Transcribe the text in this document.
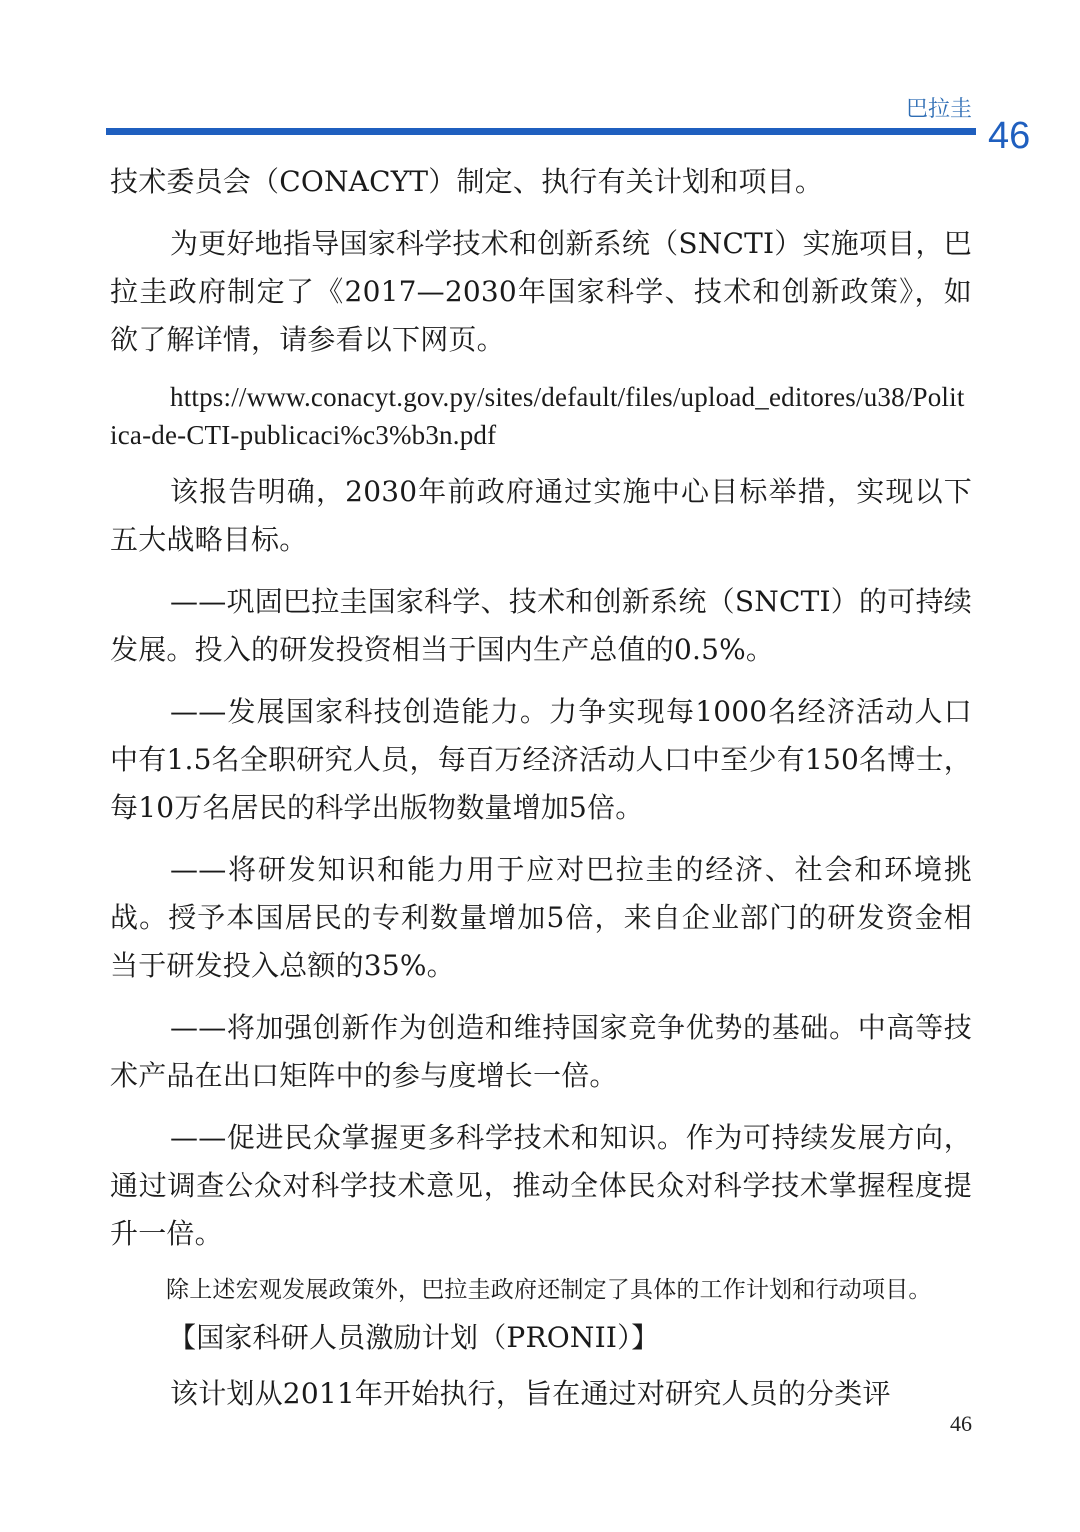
巴拉圭
46

技术委员会（CONACYT）制定、执行有关计划和项目。

为更好地指导国家科学技术和创新系统（SNCTI）实施项目，巴拉圭政府制定了《2017—2030年国家科学、技术和创新政策》，如欲了解详情，请参看以下网页。

https://www.conacyt.gov.py/sites/default/files/upload_editores/u38/Politica-de-CTI-publicaci%c3%b3n.pdf

该报告明确，2030年前政府通过实施中心目标举措，实现以下五大战略目标。

——巩固巴拉圭国家科学、技术和创新系统（SNCTI）的可持续发展。投入的研发投资相当于国内生产总值的0.5%。

——发展国家科技创造能力。力争实现每1000名经济活动人口中有1.5名全职研究人员，每百万经济活动人口中至少有150名博士，每10万名居民的科学出版物数量增加5倍。

——将研发知识和能力用于应对巴拉圭的经济、社会和环境挑战。授予本国居民的专利数量增加5倍，来自企业部门的研发资金相当于研发投入总额的35%。

——将加强创新作为创造和维持国家竞争优势的基础。中高等技术产品在出口矩阵中的参与度增长一倍。

——促进民众掌握更多科学技术和知识。作为可持续发展方向，通过调查公众对科学技术意见，推动全体民众对科学技术掌握程度提升一倍。

除上述宏观发展政策外，巴拉圭政府还制定了具体的工作计划和行动项目。

【国家科研人员激励计划（PRONII）】

该计划从2011年开始执行，旨在通过对研究人员的分类评

46
